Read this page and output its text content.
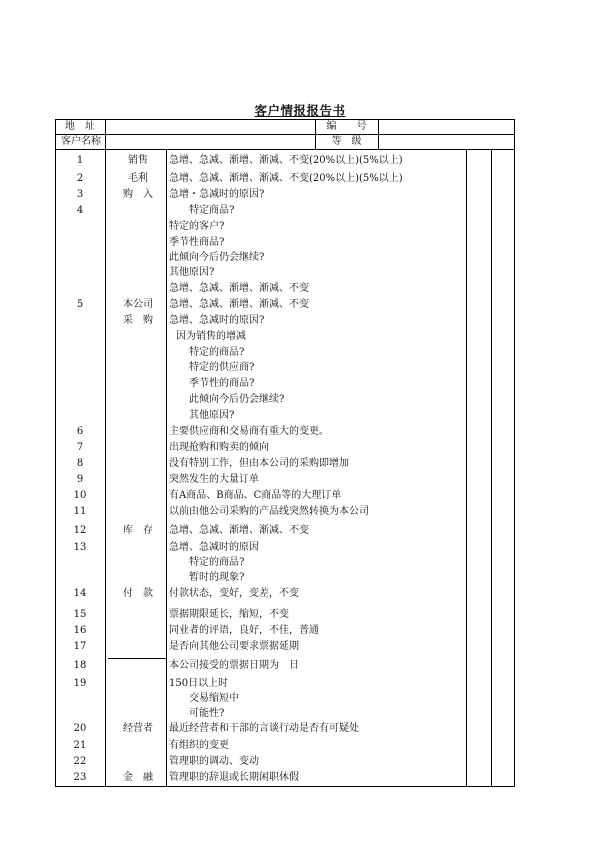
客户情报报告书
地　址	编　　号
客户名称	等　级
1
2
3
4
5
6
7
8
9
10
11
12
13
14
15
16
17
18
19
20
21
22
23
销售
毛利
购　入
本公司
采　购
库　存
付　款
经营者
金　融
急增、急减、渐增、渐减、不变(20%以上)(5%以上)
急增、急减、渐增、渐减、不变(20%以上)(5%以上)
急增・急减时的原因?
特定商品?
特定的客户?
季节性商品?
此倾向今后仍会继续?
其他原因?
急增、急减、渐增、渐减、不变
急增、急减、渐增、渐减、不变
急增、急减时的原因?
因为销售的增减
特定的商品?
特定的供应商?
季节性的商品?
此倾向今后仍会继续?
其他原因?
主要供应商和交易商有重大的变更。
出现抢购和购卖的倾向
没有特别工作，但由本公司的采购即增加
突然发生的大量订单
有A商品、B商品、C商品等的大理订单
以前由他公司采购的产品线突然转换为本公司
急增、急减、渐增、渐减、不变
急增、急减时的原因
特定的商品?
暂时的现象?
付款状态，变好，变差，不变
票据期限延长，缩短，不变
同业者的评语，良好，不佳，普通
是否向其他公司要求票据延期
本公司接受的票据日期为　日
150日以上时
交易缩短中
可能性?
最近经营者和干部的言谈行动是否有可疑处
有组织的变更
管理职的调动、变动
管理职的辞退或长期闲职休假
